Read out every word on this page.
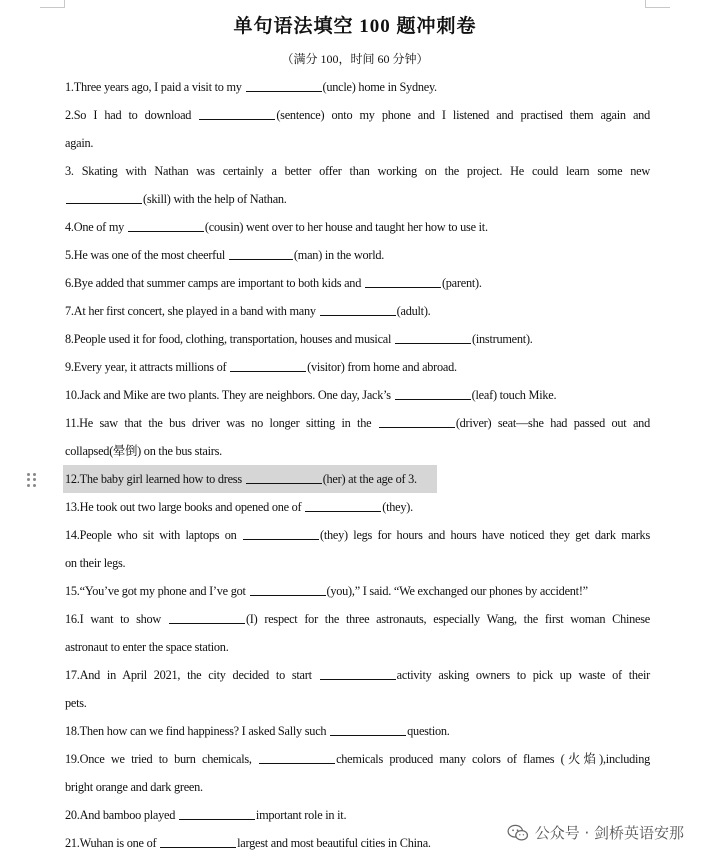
单句语法填空 100 题冲刺卷
（满分 100，时间 60 分钟）
1.Three years ago, I paid a visit to my	(uncle) home in Sydney.
2.So I had to download	(sentence) onto my phone and I listened and practised them again and
again.
3. Skating with Nathan was certainly a better offer than working on the project. He could learn some new
(skill) with the help of Nathan.
4.One of my	(cousin) went over to her house and taught her how to use it.
5.He was one of the most cheerful	(man) in the world.
6.Bye added that summer camps are important to both kids and	(parent).
7.At her first concert, she played in a band with many	(adult).
8.People used it for food, clothing, transportation, houses and musical	(instrument).
9.Every year, it attracts millions of	(visitor) from home and abroad.
10.Jack and Mike are two plants. They are neighbors. One day, Jack’s	(leaf) touch Mike.
11.He saw that the bus driver was no longer sitting in the	(driver) seat—she had passed out and
collapsed(晕倒) on the bus stairs.
12.The baby girl learned how to dress	(her) at the age of 3.
13.He took out two large books and opened one of	(they).
14.People who sit with laptops on	(they) legs for hours and hours have noticed they get dark marks
on their legs.
15.“You’ve got my phone and I’ve got	(you),” I said. “We exchanged our phones by accident!”
16.I want to show	(I) respect for the three astronauts, especially Wang, the first woman Chinese
astronaut to enter the space station.
17.And in April 2021, the city decided to start	activity asking owners to pick up waste of their
pets.
18.Then how can we find happiness? I asked Sally such	question.
19.Once we tried to burn chemicals,	chemicals produced many colors of flames (火焰),including
bright orange and dark green.
20.And bamboo played	important role in it.
21.Wuhan is one of	largest and most beautiful cities in China.
公众号 · 剑桥英语安那
